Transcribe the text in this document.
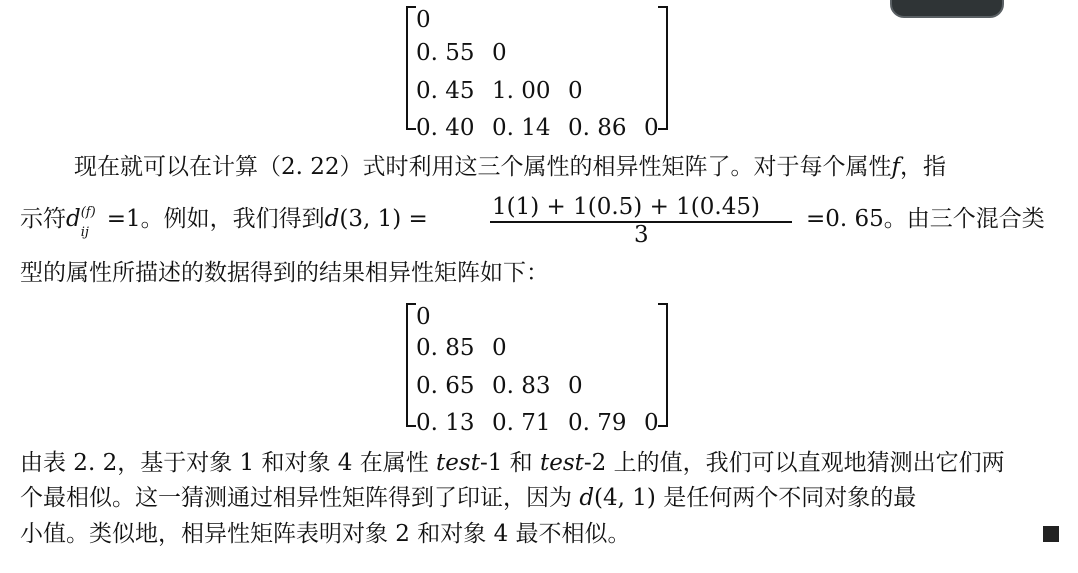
0
0. 55 0
0. 45 1. 00 0
0. 40 0. 14 0. 86 0
现在就可以在计算（2. 22）式时利用这三个属性的相异性矩阵了。对于每个属性f，指
示符d (f)
ij
=1。例如，我们得到d(3, 1) =	1(1) + 1(0.5) + 1(0.45)
3
=0. 65。由三个混合类
型的属性所描述的数据得到的结果相异性矩阵如下：
0
0. 85 0
0. 65 0. 83 0
0. 13 0. 71 0. 79 0
由表 2. 2，基于对象 1 和对象 4 在属性 test-1 和 test-2 上的值，我们可以直观地猜测出它们两
个最相似。这一猜测通过相异性矩阵得到了印证，因为 d(4, 1) 是任何两个不同对象的最
小值。类似地，相异性矩阵表明对象 2 和对象 4 最不相似。
